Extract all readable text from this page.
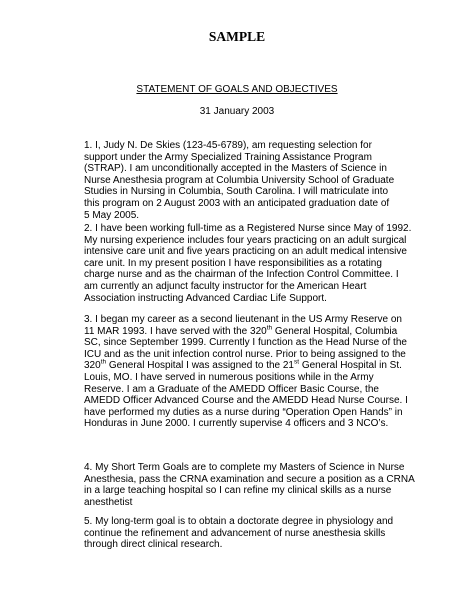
SAMPLE
STATEMENT OF GOALS AND OBJECTIVES
31 January 2003
1. I, Judy N. De Skies (123-45-6789), am requesting selection for
support under the Army Specialized Training Assistance Program
(STRAP). I am unconditionally accepted in the Masters of Science in
Nurse Anesthesia program at Columbia University School of Graduate
Studies in Nursing in Columbia, South Carolina. I will matriculate into
this program on 2 August 2003 with an anticipated graduation date of
5 May 2005.
2. I have been working full-time as a Registered Nurse since May of 1992.
My nursing experience includes four years practicing on an adult surgical
intensive care unit and five years practicing on an adult medical intensive
care unit. In my present position I have responsibilities as a rotating
charge nurse and as the chairman of the Infection Control Committee. I
am currently an adjunct faculty instructor for the American Heart
Association instructing Advanced Cardiac Life Support.
3. I began my career as a second lieutenant in the US Army Reserve on
11 MAR 1993. I have served with the 320th General Hospital, Columbia
SC, since September 1999. Currently I function as the Head Nurse of the
ICU and as the unit infection control nurse. Prior to being assigned to the
320th General Hospital I was assigned to the 21st General Hospital in St.
Louis, MO. I have served in numerous positions while in the Army
Reserve. I am a Graduate of the AMEDD Officer Basic Course, the
AMEDD Officer Advanced Course and the AMEDD Head Nurse Course. I
have performed my duties as a nurse during “Operation Open Hands” in
Honduras in June 2000. I currently supervise 4 officers and 3 NCO’s.
4. My Short Term Goals are to complete my Masters of Science in Nurse
Anesthesia, pass the CRNA examination and secure a position as a CRNA
in a large teaching hospital so I can refine my clinical skills as a nurse
anesthetist
5. My long-term goal is to obtain a doctorate degree in physiology and
continue the refinement and advancement of nurse anesthesia skills
through direct clinical research.
